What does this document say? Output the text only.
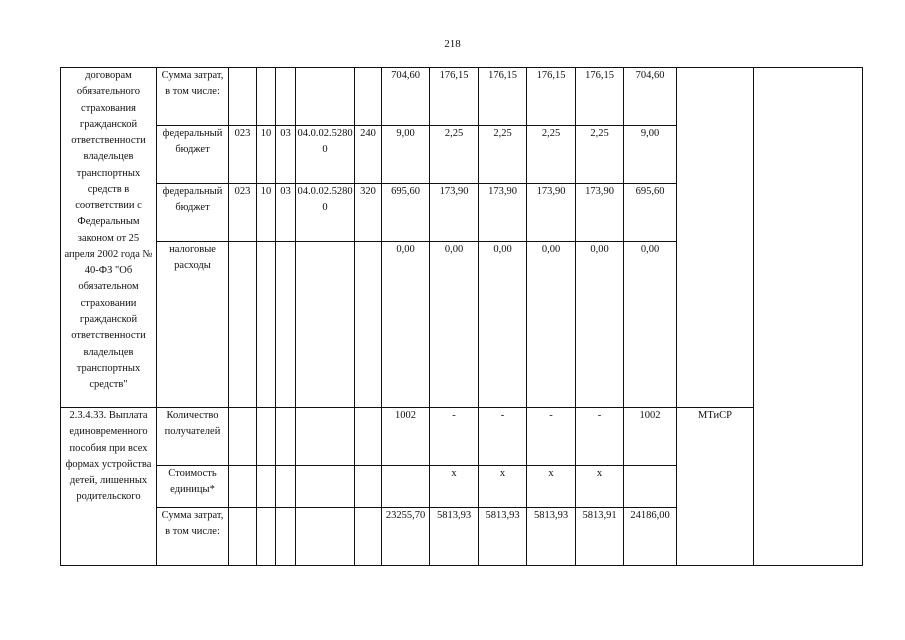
218
договорам обязательного страхования гражданской ответственности владельцев транспортных средств в соответствии с Федеральным законом от 25 апреля 2002 года № 40-ФЗ "Об обязательном страховании гражданской ответственности владельцев транспортных средств"	Сумма затрат, в том числе:						704,60	176,15	176,15	176,15	176,15	704,60		
	федеральный бюджет	023	10	03	04.0.02.52800	240	9,00	2,25	2,25	2,25	2,25	9,00		
	федеральный бюджет	023	10	03	04.0.02.52800	320	695,60	173,90	173,90	173,90	173,90	695,60		
	налоговые расходы						0,00	0,00	0,00	0,00	0,00	0,00		
2.3.4.33. Выплата единовременного пособия при всех формах устройства детей, лишенных родительского	Количество получателей						1002	-	-	-	-	1002	МТиСР	
	Стоимость единицы*							х	х	х	х			
	Сумма затрат, в том числе:						23255,70	5813,93	5813,93	5813,93	5813,91	24186,00		
